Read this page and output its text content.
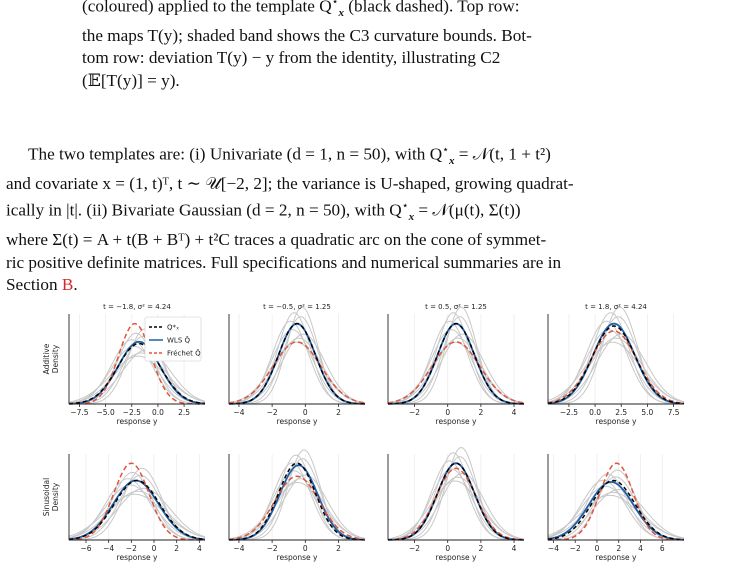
(coloured) applied to the template $Q^⋆_x$ (black dashed). Top row:
the maps T(y); shaded band shows the C3 curvature bounds. Bot-
tom row: deviation T(y) − y from the identity, illustrating C2
(𝔼[T(y)] = y).
The two templates are: (i) Univariate (d = 1, n = 50), with $Q^⋆_x$ = 𝒩(t, 1 + t²)
and covariate x = (1, t)ᵀ, t ∼ 𝒰[−2, 2]; the variance is U-shaped, growing quadrat-
ically in |t|. (ii) Bivariate Gaussian (d = 2, n = 50), with $Q^⋆_x$ = 𝒩(μ(t), Σ(t))
where Σ(t) = A + t(B + Bᵀ) + t²C traces a quadratic arc on the cone of symmet-
ric positive definite matrices. Full specifications and numerical summaries are in
Section B.
−7.5 −5.0 −2.5 0.0 2.5
response y
t = −1.8, σ² = 4.24
Additive Density
Q*ₓ
WLS Q̂
Fréchet Q̂
−4	−2	0	2
response y
t = −0.5, σ² = 1.25
−2	0	2	4
response y
t = 0.5, σ² = 1.25
−2.5 0.0 2.5 5.0 7.5
response y
t = 1.8, σ² = 4.24
−6 −4 −2 0 2 4
response y
Sinusoidal Density
−4	−2	0	2
response y
−2	0	2	4
response y
−4 −2 0 2 4 6
response y
